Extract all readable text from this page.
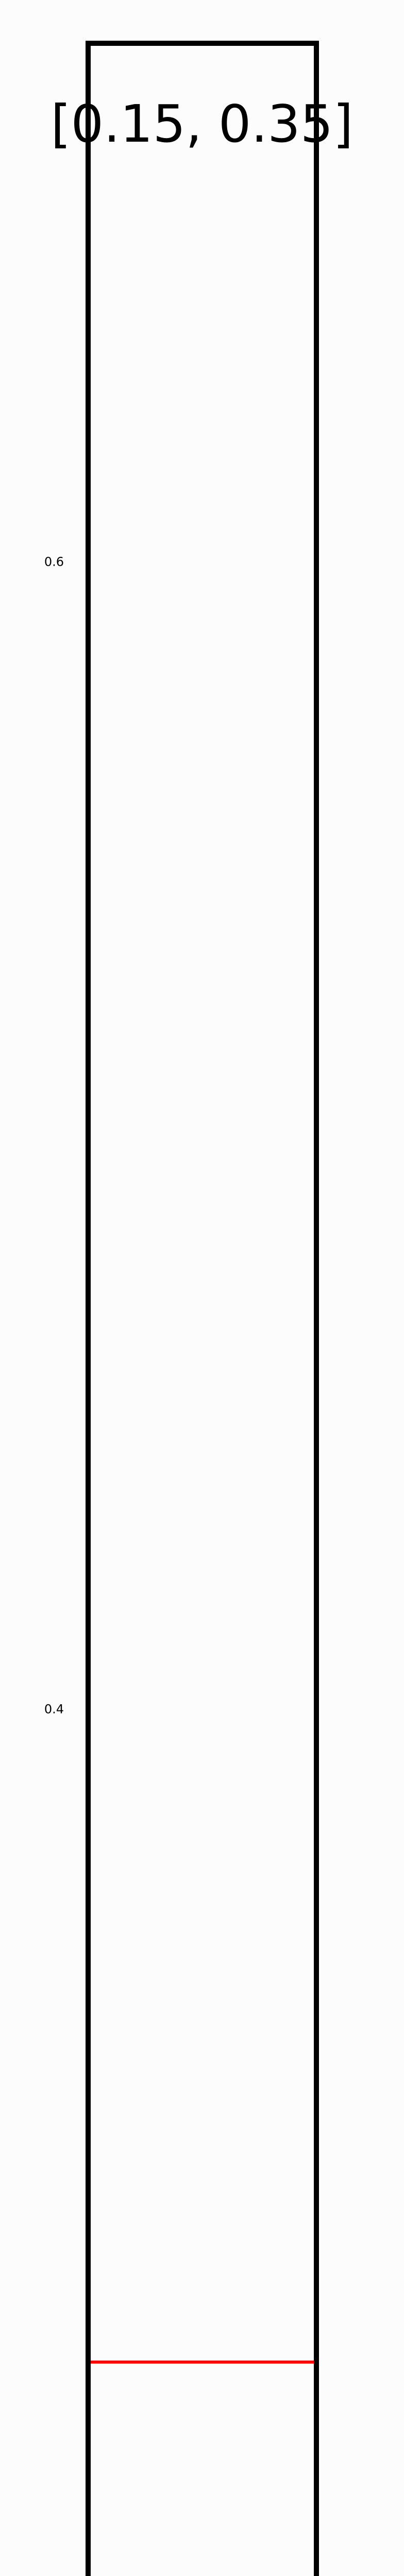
[0.15, 0.35]
0.4
0.6
